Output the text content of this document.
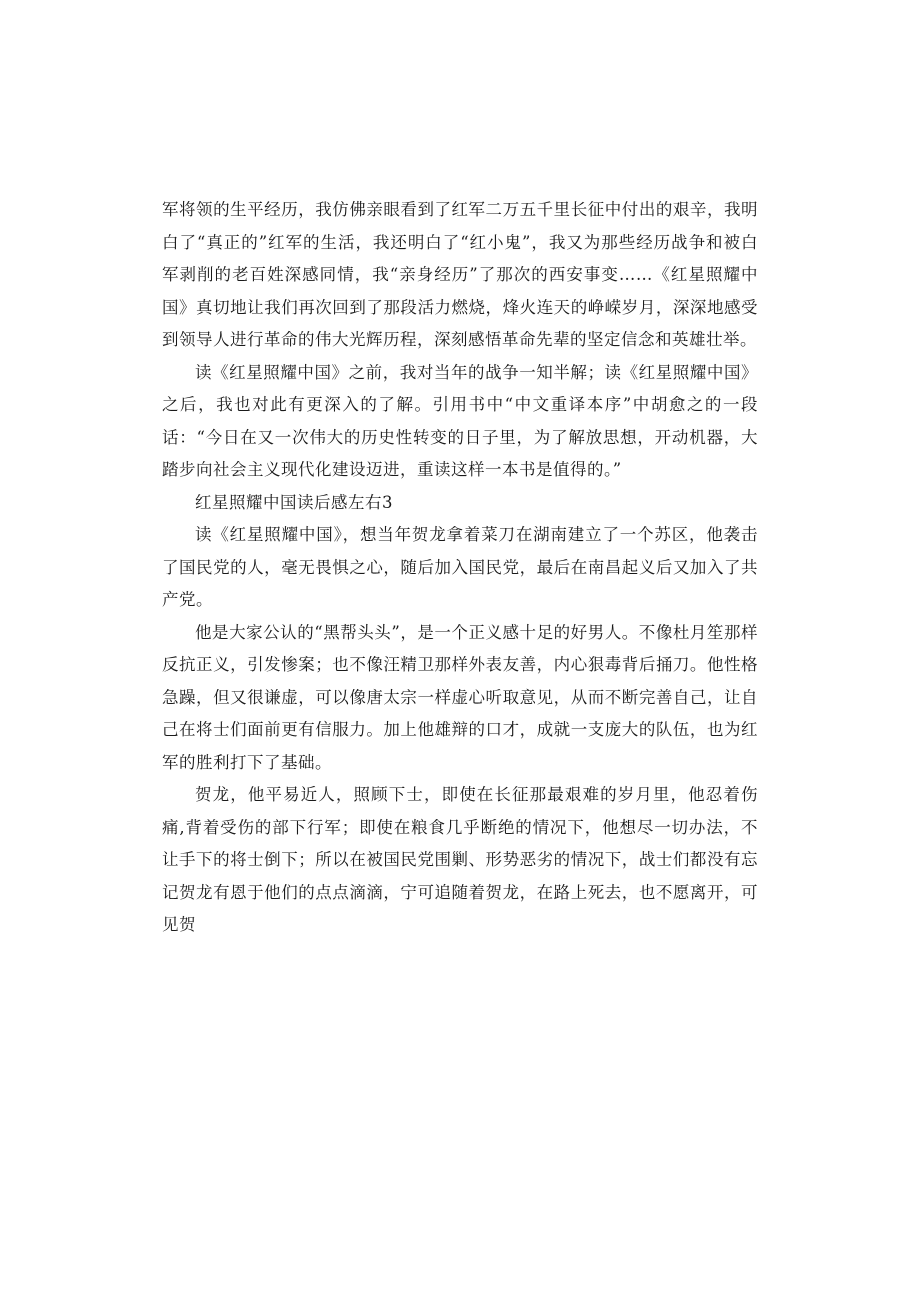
军将领的生平经历，我仿佛亲眼看到了红军二万五千里长征中付出的艰辛，我明白了“真正的”红军的生活，我还明白了“红小鬼”，我又为那些经历战争和被白军剥削的老百姓深感同情，我“亲身经历”了那次的西安事变……《红星照耀中国》真切地让我们再次回到了那段活力燃烧，烽火连天的峥嵘岁月，深深地感受到领导人进行革命的伟大光辉历程，深刻感悟革命先辈的坚定信念和英雄壮举。

读《红星照耀中国》之前，我对当年的战争一知半解；读《红星照耀中国》之后，我也对此有更深入的了解。引用书中“中文重译本序”中胡愈之的一段话：“今日在又一次伟大的历史性转变的日子里，为了解放思想，开动机器，大踏步向社会主义现代化建设迈进，重读这样一本书是值得的。”

红星照耀中国读后感左右3

读《红星照耀中国》，想当年贺龙拿着菜刀在湖南建立了一个苏区，他袭击了国民党的人，毫无畏惧之心，随后加入国民党，最后在南昌起义后又加入了共产党。

他是大家公认的“黑帮头头”，是一个正义感十足的好男人。不像杜月笙那样反抗正义，引发惨案；也不像汪精卫那样外表友善，内心狠毒背后捅刀。他性格急躁，但又很谦虚，可以像唐太宗一样虚心听取意见，从而不断完善自己，让自己在将士们面前更有信服力。加上他雄辩的口才，成就一支庞大的队伍，也为红军的胜利打下了基础。

贺龙，他平易近人，照顾下士，即使在长征那最艰难的岁月里，他忍着伤痛,背着受伤的部下行军；即使在粮食几乎断绝的情况下，他想尽一切办法，不让手下的将士倒下；所以在被国民党围剿、形势恶劣的情况下，战士们都没有忘记贺龙有恩于他们的点点滴滴，宁可追随着贺龙，在路上死去，也不愿离开，可见贺
